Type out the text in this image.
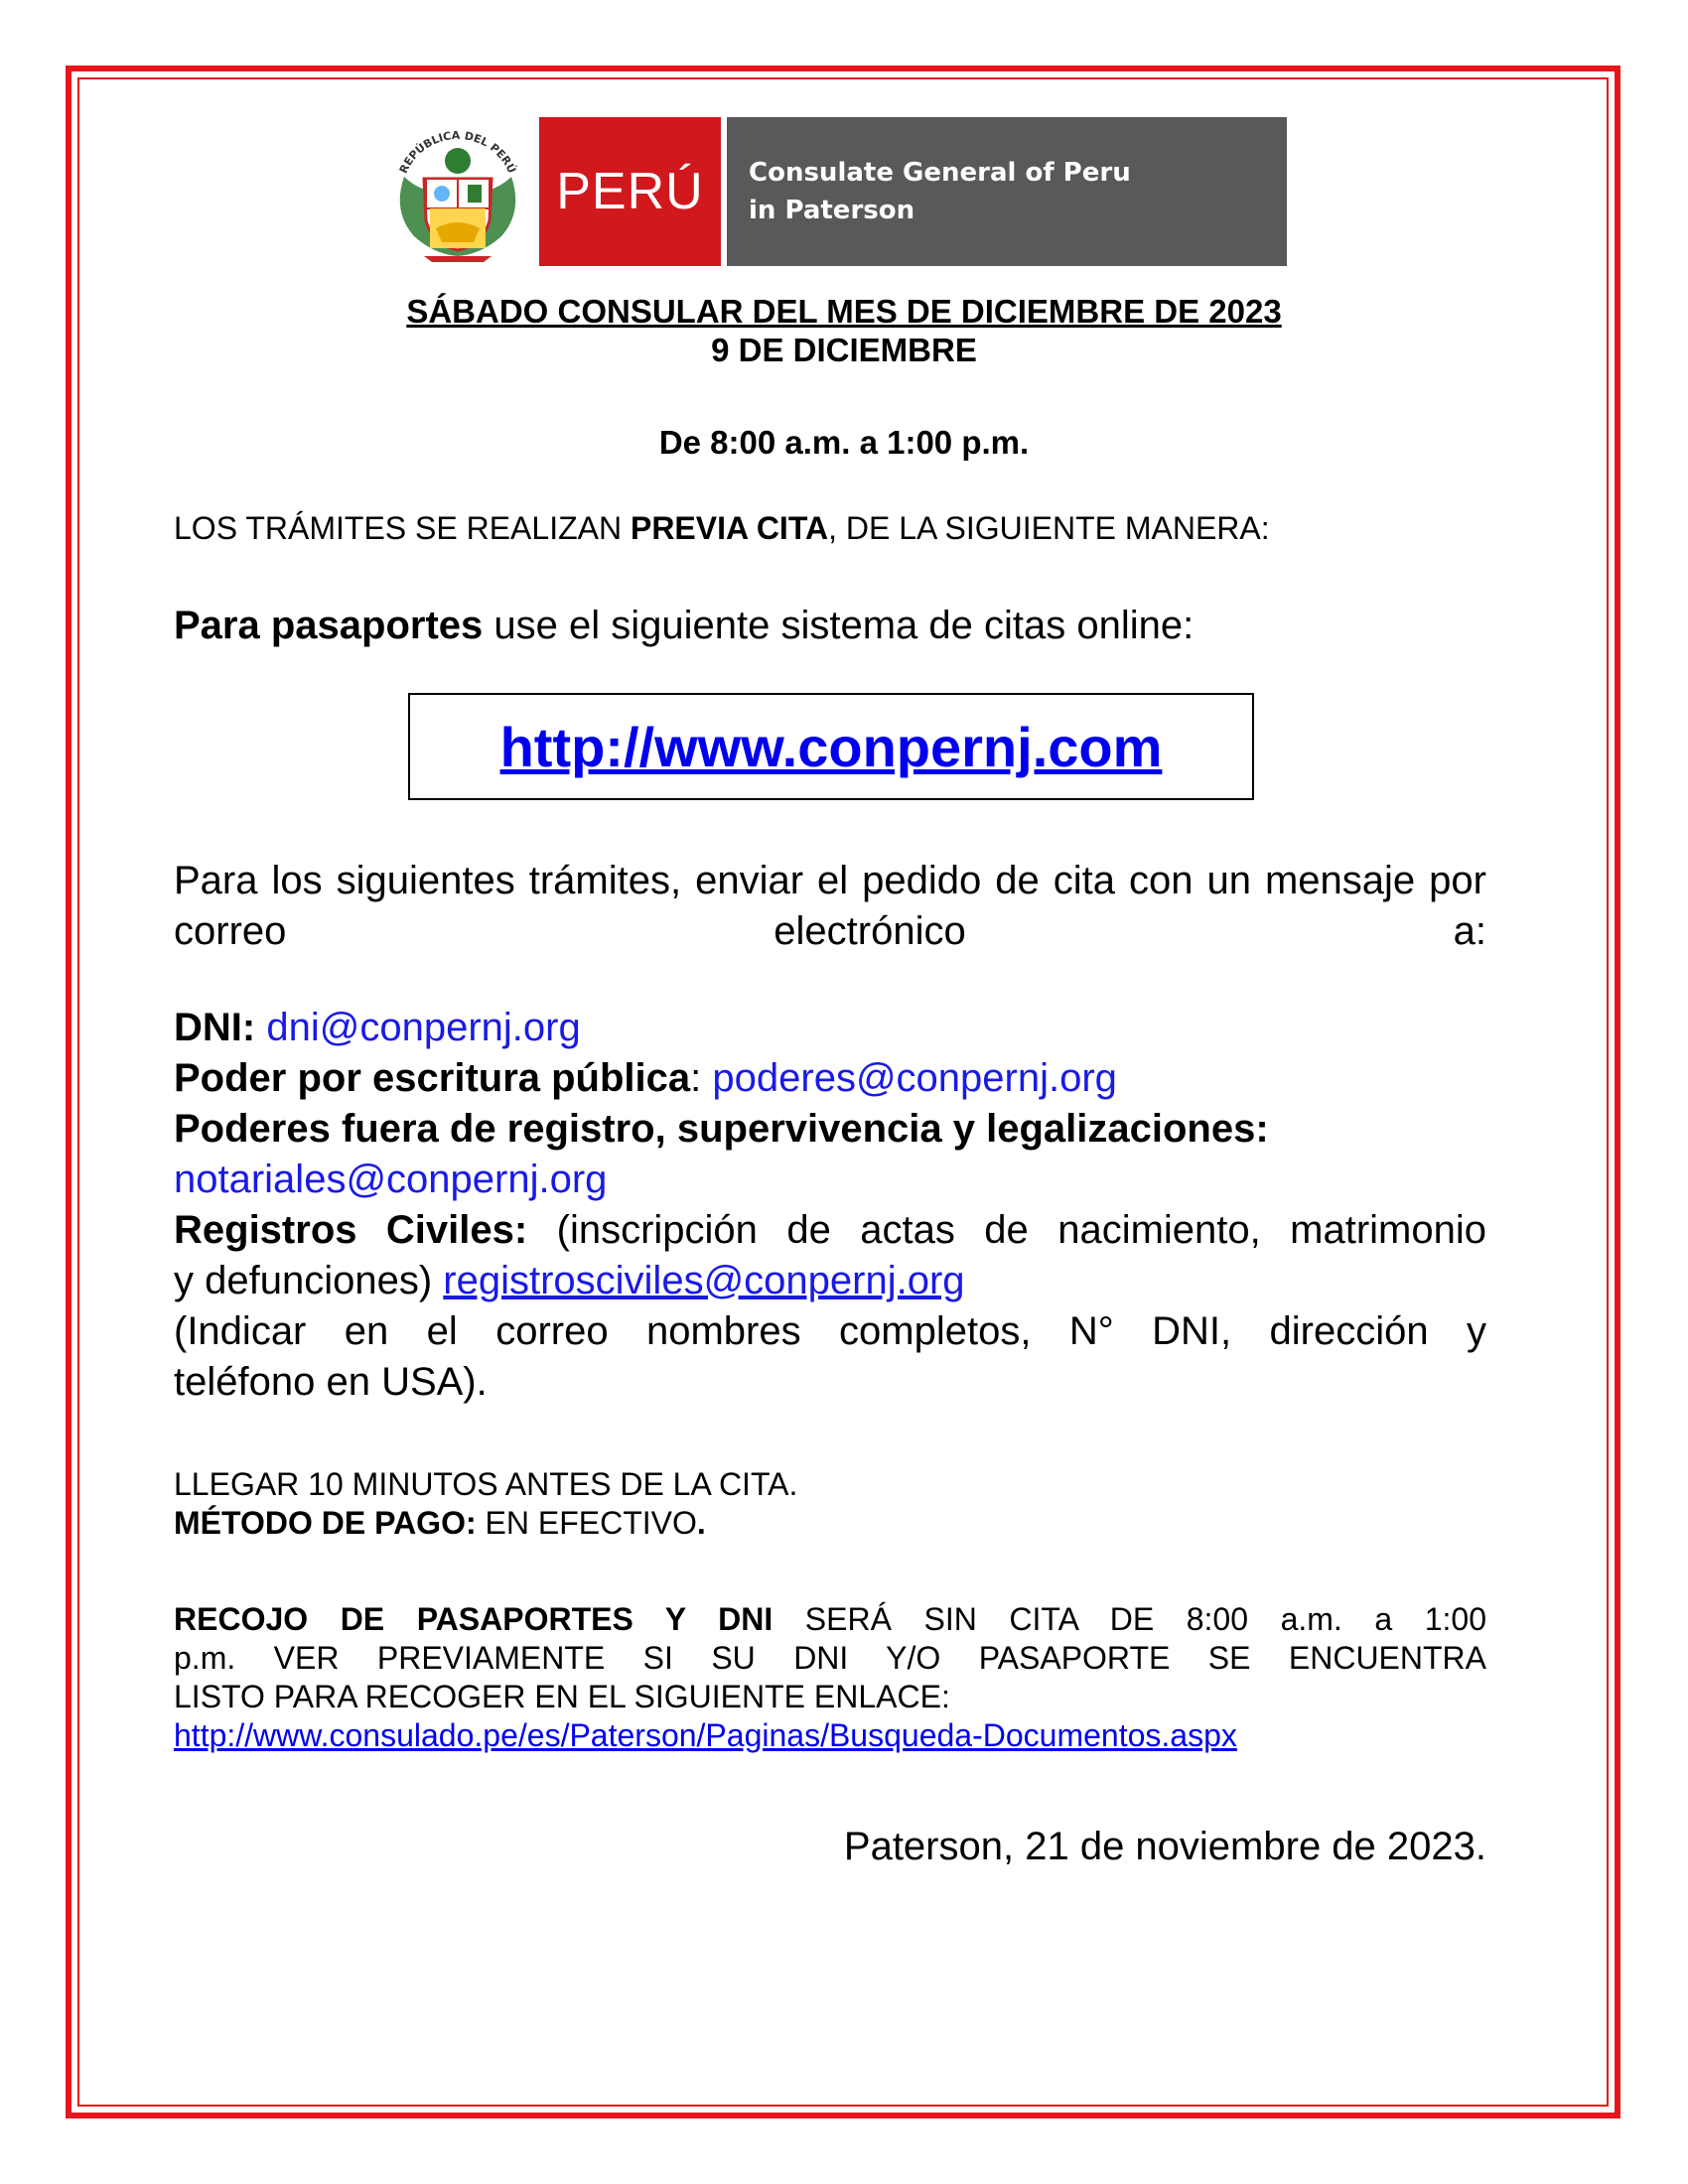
REPÚBLICA DEL PERÚ PERÚ	Consulate General of Peru
in Paterson
SÁBADO CONSULAR DEL MES DE DICIEMBRE DE 2023
9 DE DICIEMBRE
De 8:00 a.m. a 1:00 p.m.
LOS TRÁMITES SE REALIZAN PREVIA CITA, DE LA SIGUIENTE MANERA:
Para pasaportes use el siguiente sistema de citas online:
http://www.conpernj.com
Para los siguientes trámites, enviar el pedido de cita con un mensaje por correo electrónico a:
DNI: dni@conpernj.org
Poder por escritura pública: poderes@conpernj.org
Poderes fuera de registro, supervivencia y legalizaciones:
notariales@conpernj.org
Registros Civiles: (inscripción de actas de nacimiento, matrimonio
y defunciones) registrosciviles@conpernj.org
(Indicar en el correo nombres completos, N° DNI, dirección y
teléfono en USA).
LLEGAR 10 MINUTOS ANTES DE LA CITA.
MÉTODO DE PAGO: EN EFECTIVO.
RECOJO DE PASAPORTES Y DNI SERÁ SIN CITA DE 8:00 a.m. a 1:00
p.m. VER PREVIAMENTE SI SU DNI Y/O PASAPORTE SE ENCUENTRA
LISTO PARA RECOGER EN EL SIGUIENTE ENLACE:
http://www.consulado.pe/es/Paterson/Paginas/Busqueda-Documentos.aspx
Paterson, 21 de noviembre de 2023.
